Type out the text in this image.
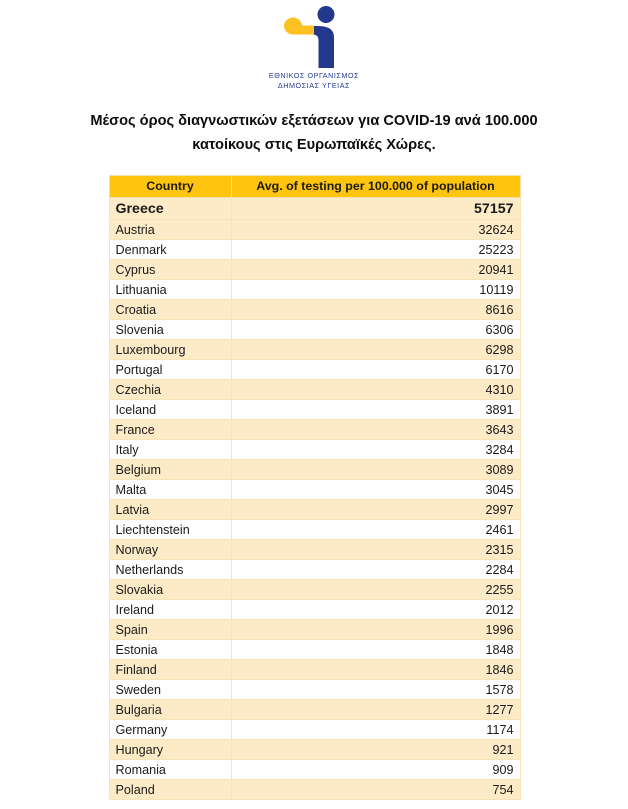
ΕΘΝΙΚΟΣ ΟΡΓΑΝΙΣΜΟΣ
ΔΗΜΟΣΙΑΣ ΥΓΕΙΑΣ
Μέσος όρος διαγνωστικών εξετάσεων για COVID-19 ανά 100.000 κατοίκους στις Ευρωπαϊκές Χώρες.
Country	Avg. of testing per 100.000 of population
Greece	57157
Austria	32624
Denmark	25223
Cyprus	20941
Lithuania	10119
Croatia	8616
Slovenia	6306
Luxembourg	6298
Portugal	6170
Czechia	4310
Iceland	3891
France	3643
Italy	3284
Belgium	3089
Malta	3045
Latvia	2997
Liechtenstein	2461
Norway	2315
Netherlands	2284
Slovakia	2255
Ireland	2012
Spain	1996
Estonia	1848
Finland	1846
Sweden	1578
Bulgaria	1277
Germany	1174
Hungary	921
Romania	909
Poland	754
